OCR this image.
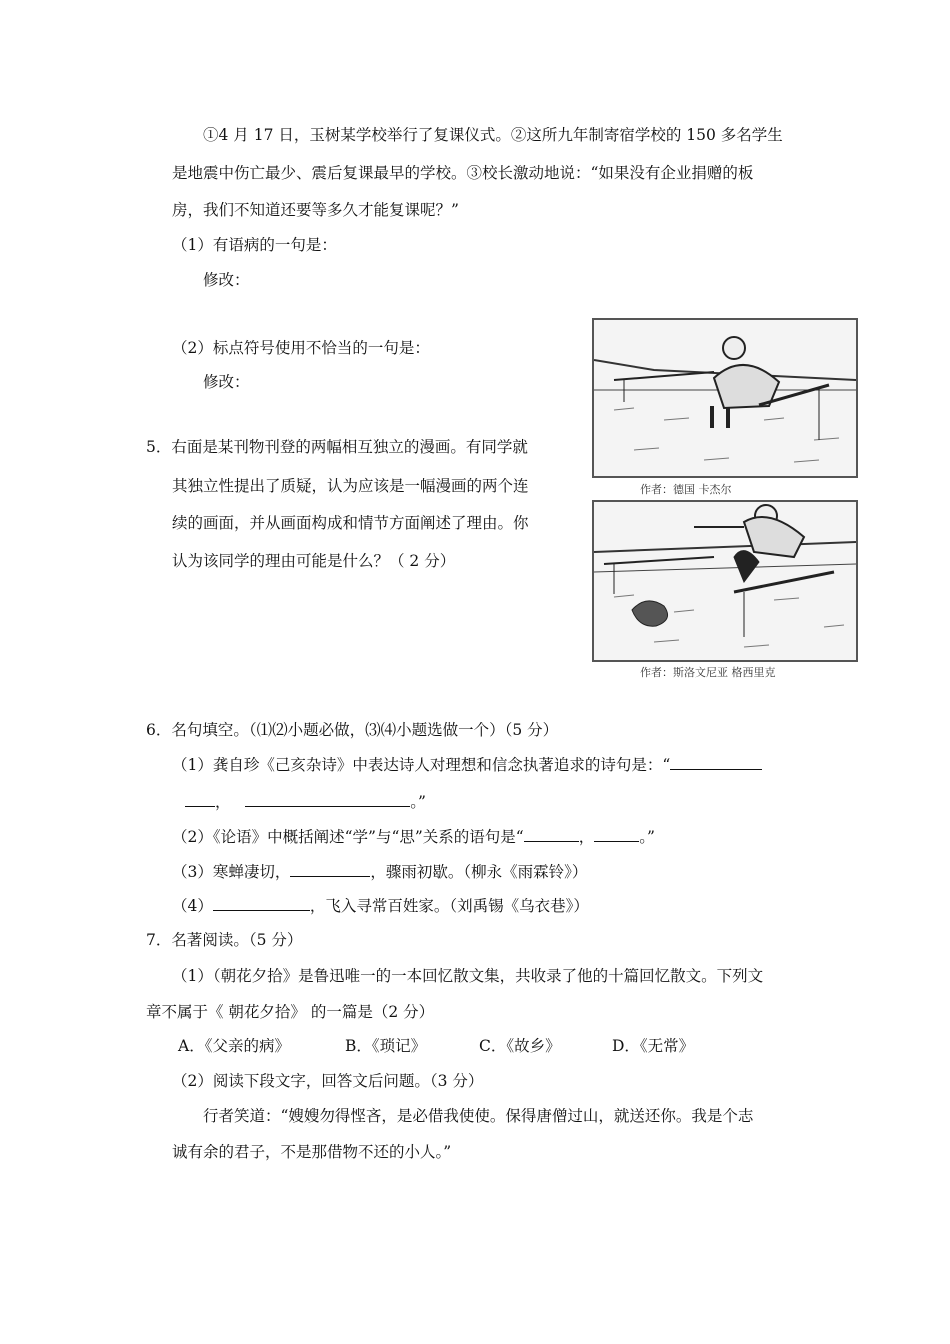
①4 月 17 日，玉树某学校举行了复课仪式。②这所九年制寄宿学校的 150 多名学生
是地震中伤亡最少、震后复课最早的学校。③校长激动地说：“如果没有企业捐赠的板
房，我们不知道还要等多久才能复课呢？”
（1）有语病的一句是：
修改：
（2）标点符号使用不恰当的一句是：
修改：
5．右面是某刊物刊登的两幅相互独立的漫画。有同学就
其独立性提出了质疑，认为应该是一幅漫画的两个连
续的画面，并从画面构成和情节方面阐述了理由。你
认为该同学的理由可能是什么？（ 2 分）
作者：德国 卡杰尔
作者：斯洛文尼亚 格西里克
6．名句填空。（⑴⑵小题必做，⑶⑷小题选做一个）（5 分）
（1）龚自珍《己亥杂诗》中表达诗人对理想和信念执著追求的诗句是：“
，	。”
（2）《论语》中概括阐述“学”与“思”关系的语句是“	，	。”
（3）寒蝉凄切，	，骤雨初歇。（柳永《雨霖铃》）
（4）	，飞入寻常百姓家。（刘禹锡《乌衣巷》）
7．名著阅读。（5 分）
（1）（朝花夕拾》是鲁迅唯一的一本回忆散文集，共收录了他的十篇回忆散文。下列文
章不属于《 朝花夕拾》 的一篇是（2 分）
A．《父亲的病》	B．《琐记》	C．《故乡》	D．《无常》
（2）阅读下段文字，回答文后问题。（3 分）
行者笑道：“嫂嫂勿得悭吝，是必借我使使。保得唐僧过山，就送还你。我是个志
诚有余的君子，不是那借物不还的小人。”
